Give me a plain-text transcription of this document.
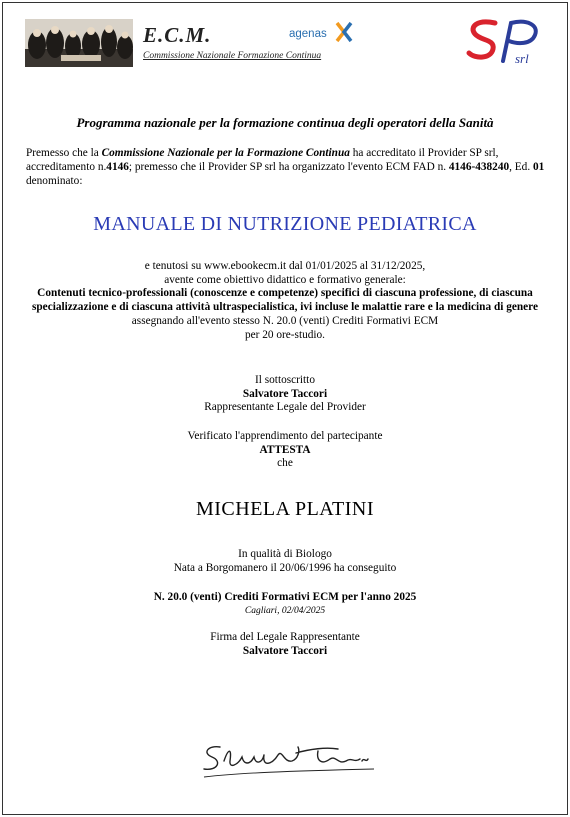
E.C.M.
Commissione Nazionale Formazione Continua
agenas
srl
Programma nazionale per la formazione continua degli operatori della Sanità
Premesso che la Commissione Nazionale per la Formazione Continua ha accreditato il Provider SP srl, accreditamento n.4146; premesso che il Provider SP srl ha organizzato l'evento ECM FAD n. 4146-438240, Ed. 01 denominato:
MANUALE DI NUTRIZIONE PEDIATRICA
e tenutosi su www.ebookecm.it dal 01/01/2025 al 31/12/2025,
avente come obiettivo didattico e formativo generale:
Contenuti tecnico-professionali (conoscenze e competenze) specifici di ciascuna professione, di ciascuna specializzazione e di ciascuna attività ultraspecialistica, ivi incluse le malattie rare e la medicina di genere
assegnando all'evento stesso N. 20.0 (venti) Crediti Formativi ECM
per 20 ore-studio.
Il sottoscritto
Salvatore Taccori
Rappresentante Legale del Provider
Verificato l'apprendimento del partecipante
ATTESTA
che
MICHELA PLATINI
In qualità di Biologo
Nata a Borgomanero il 20/06/1996 ha conseguito
N. 20.0 (venti) Crediti Formativi ECM per l'anno 2025
Cagliari, 02/04/2025
Firma del Legale Rappresentante
Salvatore Taccori
